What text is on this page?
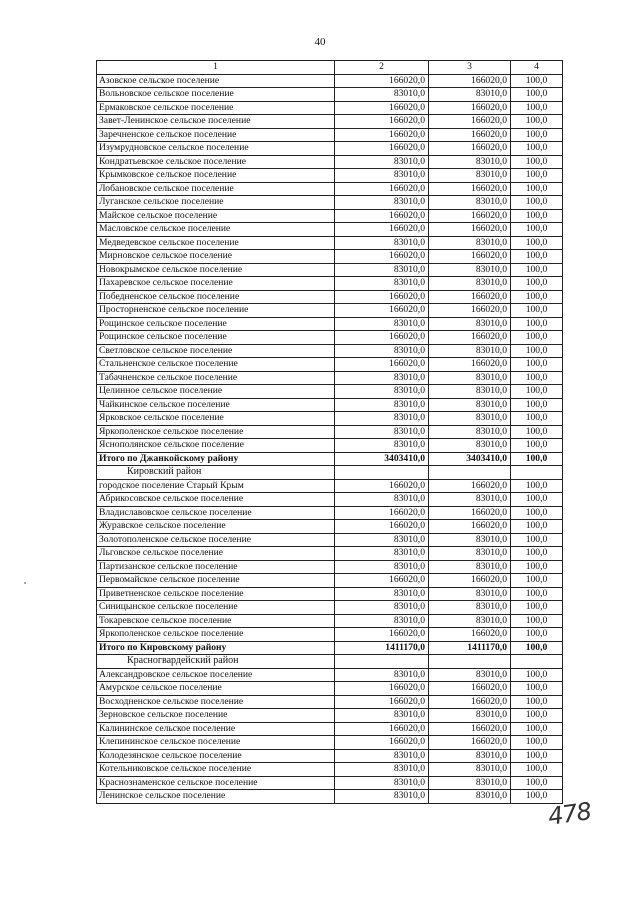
40
1	2	3	4
Азовское сельское поселение	166020,0	166020,0	100,0
Вольновское сельское поселение	83010,0	83010,0	100,0
Ермаковское сельское поселение	166020,0	166020,0	100,0
Завет-Ленинское сельское поселение	166020,0	166020,0	100,0
Заречненское сельское поселение	166020,0	166020,0	100,0
Изумрудновское сельское поселение	166020,0	166020,0	100,0
Кондратьевское сельское поселение	83010,0	83010,0	100,0
Крымковское сельское поселение	83010,0	83010,0	100,0
Лобановское сельское поселение	166020,0	166020,0	100,0
Луганское сельское поселение	83010,0	83010,0	100,0
Майское сельское поселение	166020,0	166020,0	100,0
Масловское сельское поселение	166020,0	166020,0	100,0
Медведевское сельское поселение	83010,0	83010,0	100,0
Мирновское сельское поселение	166020,0	166020,0	100,0
Новокрымское сельское поселение	83010,0	83010,0	100,0
Пахаревское сельское поселение	83010,0	83010,0	100,0
Победненское сельское поселение	166020,0	166020,0	100,0
Просторненское сельское поселение	166020,0	166020,0	100,0
Рощинское сельское поселение	83010,0	83010,0	100,0
Рощинское сельское поселение	166020,0	166020,0	100,0
Светловское сельское поселение	83010,0	83010,0	100,0
Стальненское сельское поселение	166020,0	166020,0	100,0
Табачненское сельское поселение	83010,0	83010,0	100,0
Целинное сельское поселение	83010,0	83010,0	100,0
Чайкинское сельское поселение	83010,0	83010,0	100,0
Ярковское сельское поселение	83010,0	83010,0	100,0
Яркополенское сельское поселение	83010,0	83010,0	100,0
Яснополянское сельское поселение	83010,0	83010,0	100,0
Итого по Джанкойскому району	3403410,0	3403410,0	100,0
Кировский район			
городское поселение Старый Крым	166020,0	166020,0	100,0
Абрикосовское сельское поселение	83010,0	83010,0	100,0
Владиславовское сельское поселение	166020,0	166020,0	100,0
Журавское сельское поселение	166020,0	166020,0	100,0
Золотополенское сельское поселение	83010,0	83010,0	100,0
Льговское сельское поселение	83010,0	83010,0	100,0
Партизанское сельское поселение	83010,0	83010,0	100,0
Первомайское сельское поселение	166020,0	166020,0	100,0
Приветненское сельское поселение	83010,0	83010,0	100,0
Синицынское сельское поселение	83010,0	83010,0	100,0
Токаревское сельское поселение	83010,0	83010,0	100,0
Яркополенское сельское поселение	166020,0	166020,0	100,0
Итого по Кировскому району	1411170,0	1411170,0	100,0
Красногвардейский район			
Александровское сельское поселение	83010,0	83010,0	100,0
Амурское сельское поселение	166020,0	166020,0	100,0
Восходненское сельское поселение	166020,0	166020,0	100,0
Зерновское сельское поселение	83010,0	83010,0	100,0
Калининское сельское поселение	166020,0	166020,0	100,0
Клепининское сельское поселение	166020,0	166020,0	100,0
Колодезянское сельское поселение	83010,0	83010,0	100,0
Котельниковское сельское поселение	83010,0	83010,0	100,0
Краснознаменское сельское поселение	83010,0	83010,0	100,0
Ленинское сельское поселение	83010,0	83010,0	100,0
478
